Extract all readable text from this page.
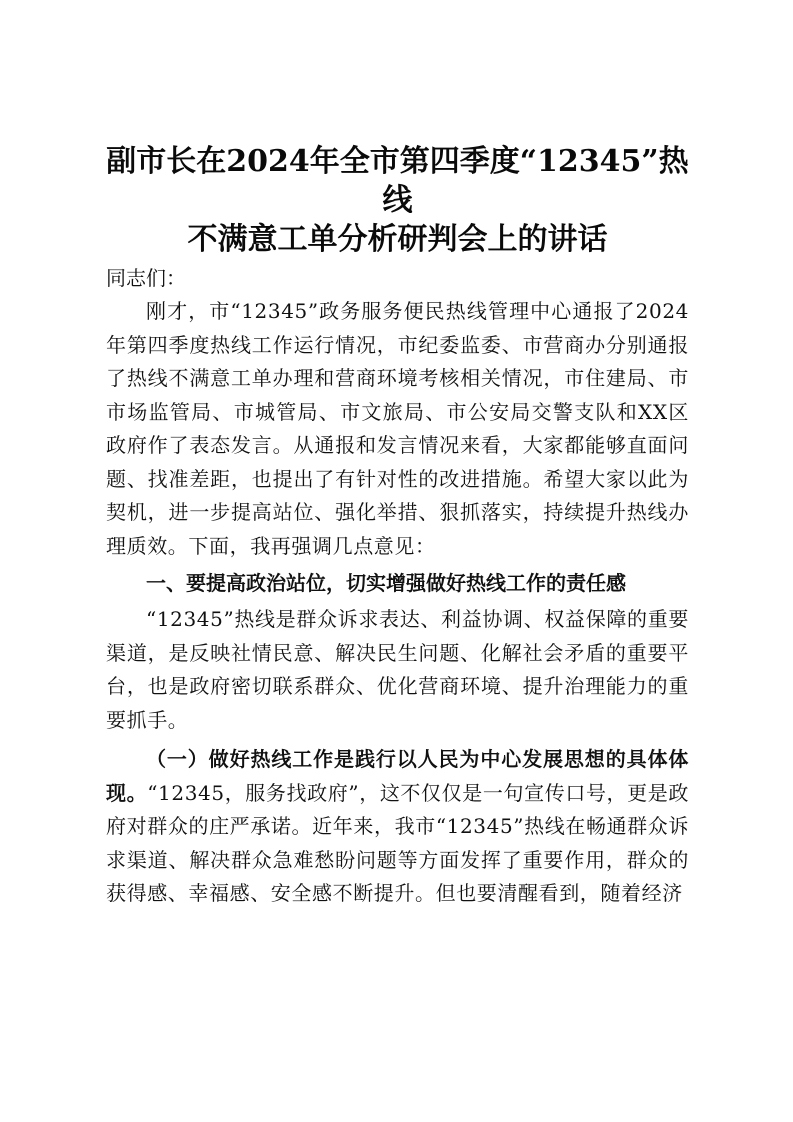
副市长在2024年全市第四季度“12345”热线
不满意工单分析研判会上的讲话
同志们：

刚才，市“12345”政务服务便民热线管理中心通报了2024年第四季度热线工作运行情况，市纪委监委、市营商办分别通报了热线不满意工单办理和营商环境考核相关情况，市住建局、市市场监管局、市城管局、市文旅局、市公安局交警支队和XX区政府作了表态发言。从通报和发言情况来看，大家都能够直面问题、找准差距，也提出了有针对性的改进措施。希望大家以此为契机，进一步提高站位、强化举措、狠抓落实，持续提升热线办理质效。下面，我再强调几点意见：

一、要提高政治站位，切实增强做好热线工作的责任感

“12345”热线是群众诉求表达、利益协调、权益保障的重要渠道，是反映社情民意、解决民生问题、化解社会矛盾的重要平台，也是政府密切联系群众、优化营商环境、提升治理能力的重要抓手。

（一）做好热线工作是践行以人民为中心发展思想的具体体现。“12345，服务找政府”，这不仅仅是一句宣传口号，更是政府对群众的庄严承诺。近年来，我市“12345”热线在畅通群众诉求渠道、解决群众急难愁盼问题等方面发挥了重要作用，群众的获得感、幸福感、安全感不断提升。但也要清醒看到，随着经济
